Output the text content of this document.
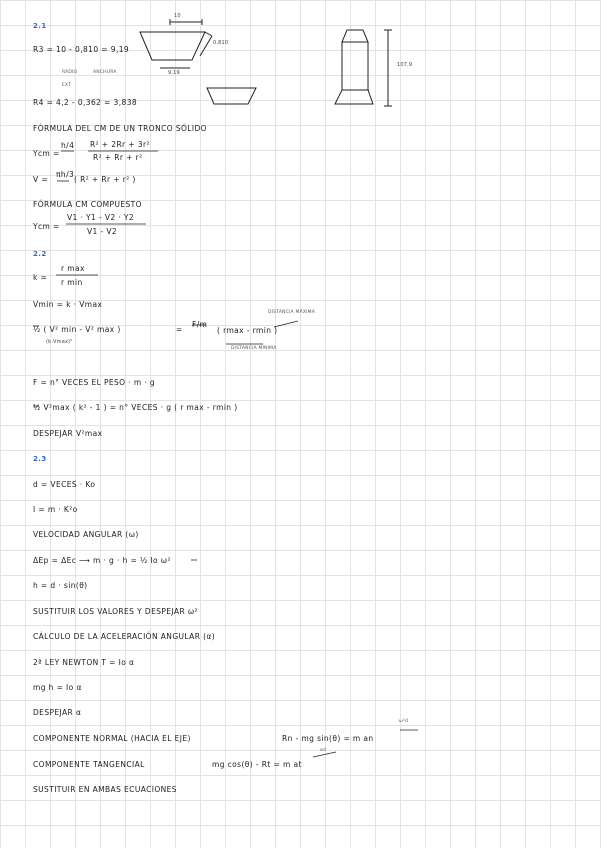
2.1
10
0,810
9,19
107,9
R3 = 10 - 0,810 = 9,19
RADIO
EXT
ANCHURA
R4 = 4,2 - 0,362 = 3,838
FÓRMULA DEL CM DE UN TRONCO SÓLIDO
Ycm =
h/4 R² + 2Rr + 3r²
R² + Rr + r²
V =
πh/3
( R² + Rr + r² )
FÓRMULA CM COMPUESTO
Ycm =
V1 · Y1 - V2 · Y2
V1 - V2
2.2
k =
r max
r min
Vmin = k · Vmax
DISTANCIA MÁXIMA
½ ( V² min - V² max )	=
F/m
( rmax - rmin )
(k·Vmax)²
DISTANCIA MÍNIMA
F = n° VECES EL PESO · m · g
½ V²max ( k² - 1 ) = n° VECES · g ( r max - rmin )
DESPEJAR V²max
2.3
d = VECES · Ko
I = m · K²o
VELOCIDAD ANGULAR (ω)
ΔEp = ΔEc ⟶ m · g · h = ½ Io ω²
h = d · sin(θ)
SUSTITUIR LOS VALORES Y DESPEJAR ω²
CÁLCULO DE LA ACELERACIÓN ANGULAR (α)
2ª LEY NEWTON T = Io α
mg h = Io α
DESPEJAR α
ω²d
COMPONENTE NORMAL (HACIA EL EJE)	Rn - mg sin(θ) = m an
αd
COMPONENTE TANGENCIAL	mg cos(θ) - Rt = m at
SUSTITUIR EN AMBAS ECUACIONES
